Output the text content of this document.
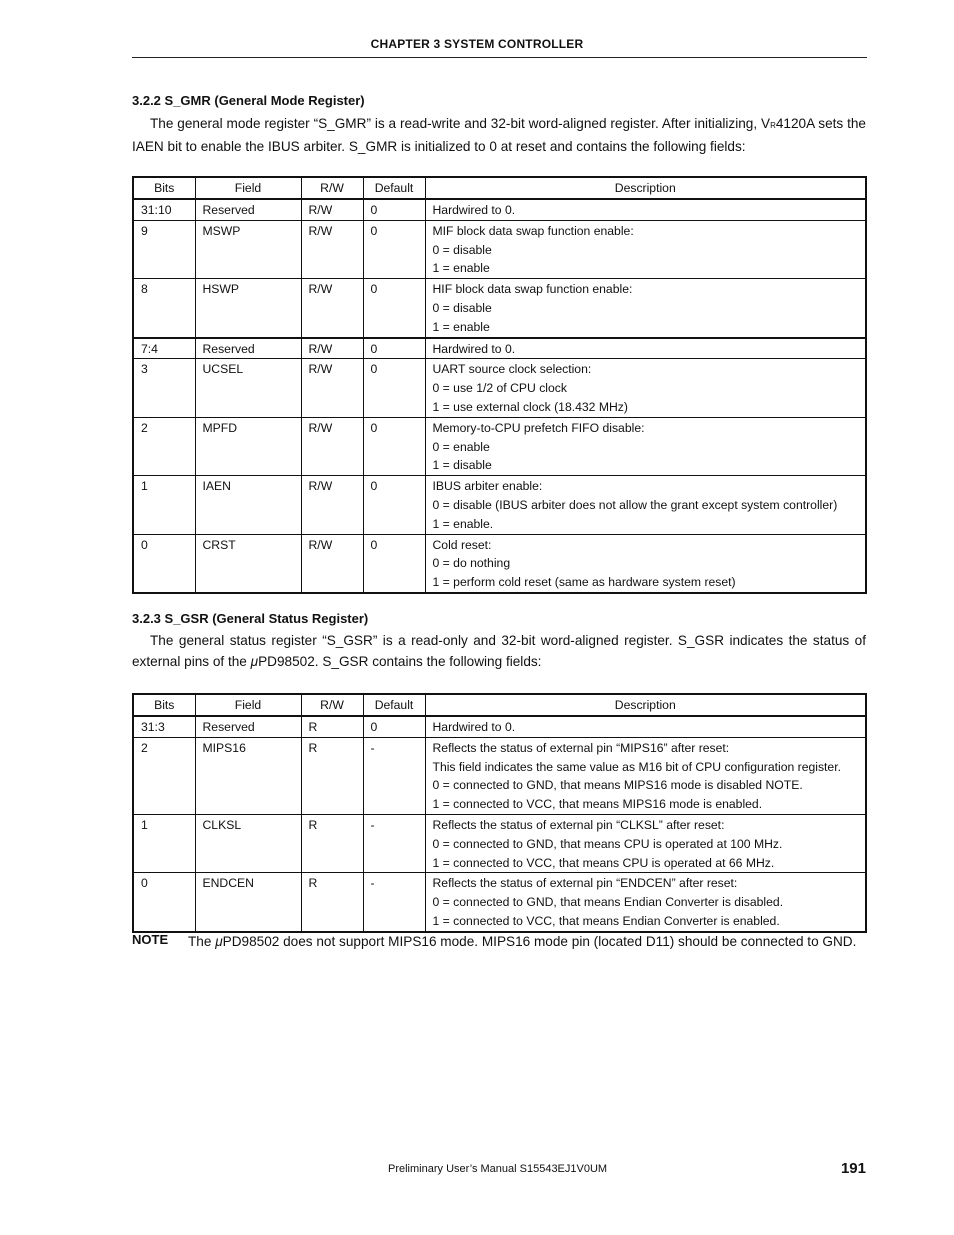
CHAPTER 3 SYSTEM CONTROLLER
3.2.2 S_GMR (General Mode Register)
The general mode register “S_GMR” is a read-write and 32-bit word-aligned register. After initializing, VR4120A sets the IAEN bit to enable the IBUS arbiter. S_GMR is initialized to 0 at reset and contains the following fields:
Bits	Field	R/W	Default	Description
31:10	Reserved	R/W	0	Hardwired to 0.

9	MSWP	R/W	0	MIF block data swap function enable:
0 = disable
1 = enable

8	HSWP	R/W	0	HIF block data swap function enable:
0 = disable
1 = enable

7:4	Reserved	R/W	0	Hardwired to 0.

3	UCSEL	R/W	0	UART source clock selection:
0 = use 1/2 of CPU clock
1 = use external clock (18.432 MHz)

2	MPFD	R/W	0	Memory-to-CPU prefetch FIFO disable:
0 = enable
1 = disable

1	IAEN	R/W	0	IBUS arbiter enable:
0 = disable (IBUS arbiter does not allow the grant except system controller)
1 = enable.

0	CRST	R/W	0	Cold reset:
0 = do nothing
1 = perform cold reset (same as hardware system reset)
3.2.3 S_GSR (General Status Register)
The general status register “S_GSR” is a read-only and 32-bit word-aligned register. S_GSR indicates the status of external pins of the μPD98502. S_GSR contains the following fields:
Bits	Field	R/W	Default	Description
31:3	Reserved	R	0	Hardwired to 0.

2	MIPS16	R	-	Reflects the status of external pin “MIPS16” after reset:
This field indicates the same value as M16 bit of CPU configuration register.
0 = connected to GND, that means MIPS16 mode is disabled NOTE.
1 = connected to VCC, that means MIPS16 mode is enabled.

1	CLKSL	R	-	Reflects the status of external pin “CLKSL” after reset:
0 = connected to GND, that means CPU is operated at 100 MHz.
1 = connected to VCC, that means CPU is operated at 66 MHz.

0	ENDCEN	R	-	Reflects the status of external pin “ENDCEN” after reset:
0 = connected to GND, that means Endian Converter is disabled.
1 = connected to VCC, that means Endian Converter is enabled.
NOTE The μPD98502 does not support MIPS16 mode. MIPS16 mode pin (located D11) should be connected to GND.
Preliminary User’s Manual S15543EJ1V0UM	191
